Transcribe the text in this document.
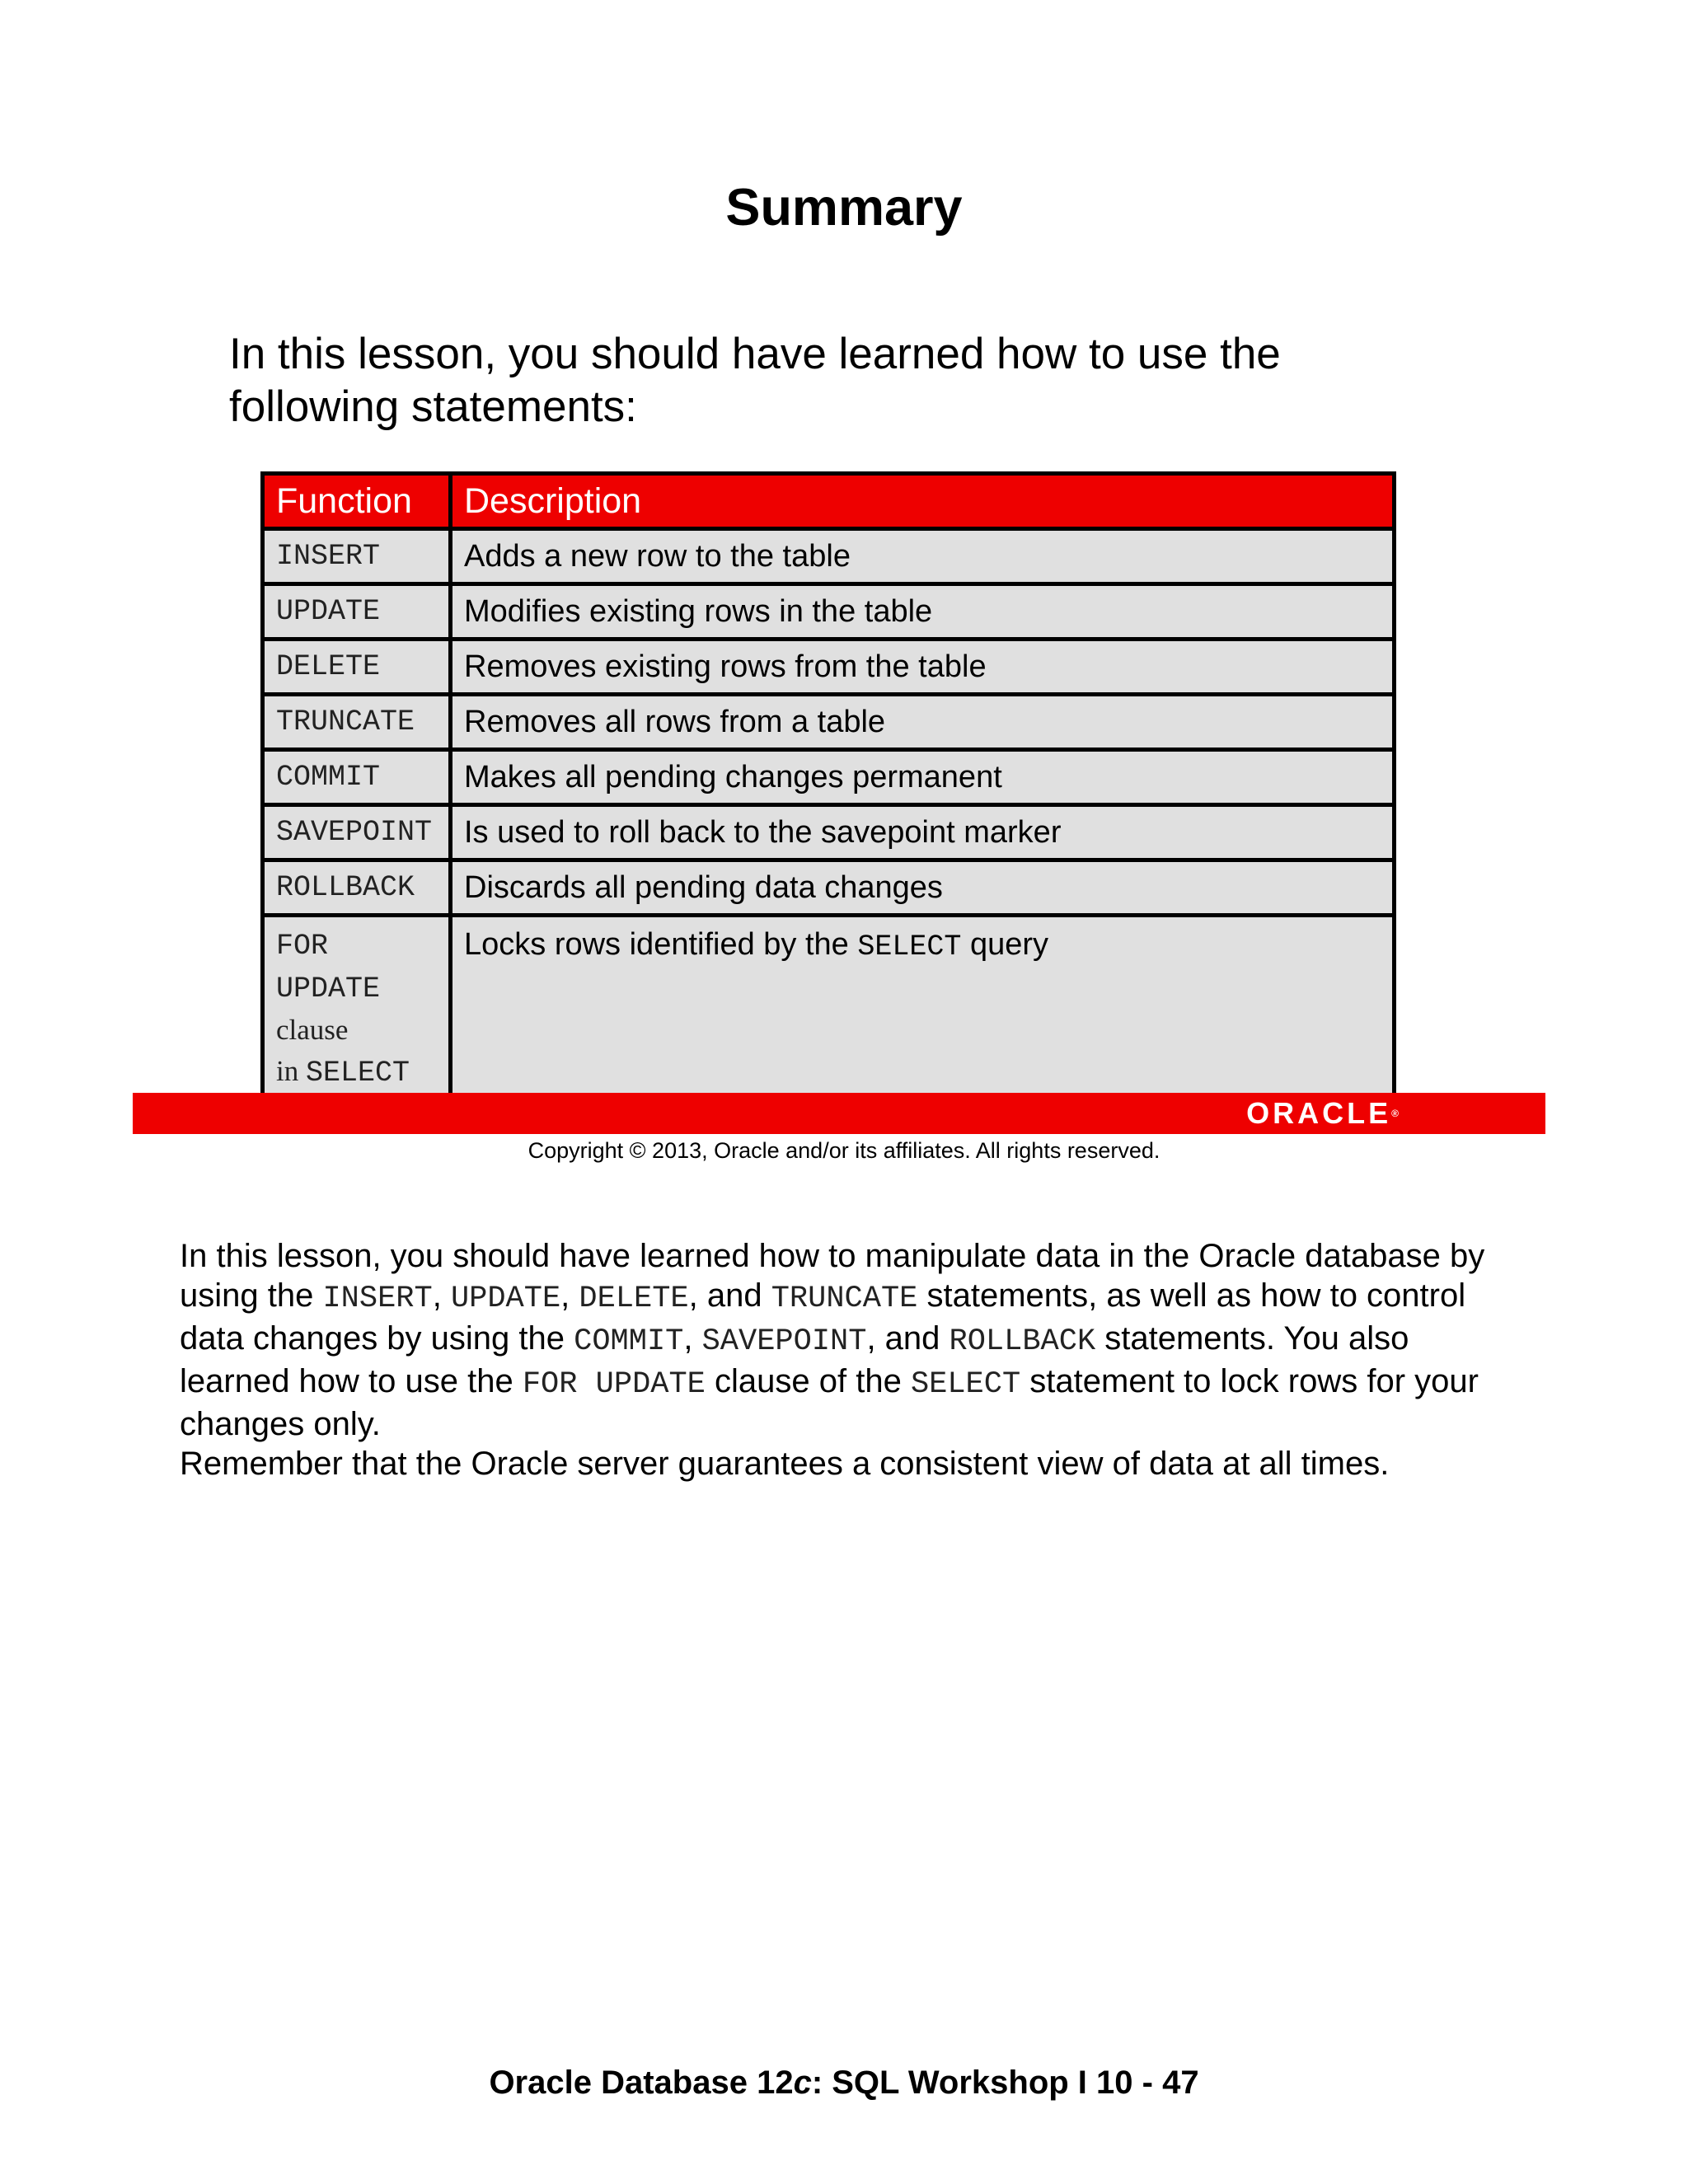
Summary
In this lesson, you should have learned how to use the following statements:
Function	Description
INSERT	Adds a new row to the table
UPDATE	Modifies existing rows in the table
DELETE	Removes existing rows from the table
TRUNCATE	Removes all rows from a table
COMMIT	Makes all pending changes permanent
SAVEPOINT	Is used to roll back to the savepoint marker
ROLLBACK	Discards all pending data changes
FOR UPDATE clause
in SELECT	Locks rows identified by the SELECT query
ORACLE®
Copyright © 2013, Oracle and/or its affiliates. All rights reserved.

In this lesson, you should have learned how to manipulate data in the Oracle database by using the INSERT, UPDATE, DELETE, and TRUNCATE statements, as well as how to control data changes by using the COMMIT, SAVEPOINT, and ROLLBACK statements. You also learned how to use the FOR UPDATE clause of the SELECT statement to lock rows for your changes only.

Remember that the Oracle server guarantees a consistent view of data at all times.

Oracle Database 12c: SQL Workshop I 10 - 47
